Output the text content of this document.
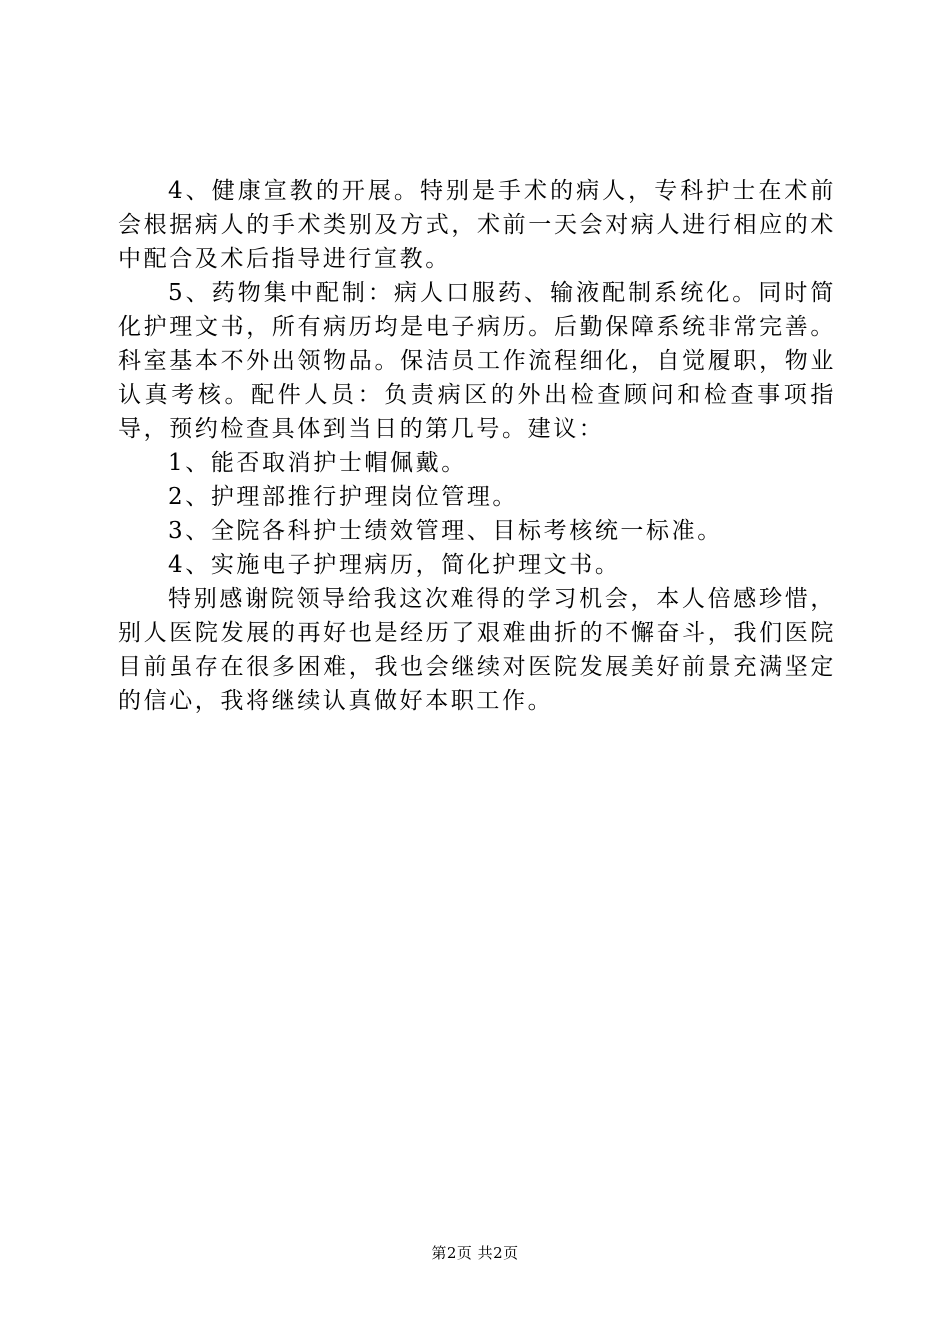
4、健康宣教的开展。特别是手术的病人，专科护士在术前会根据病人的手术类别及方式，术前一天会对病人进行相应的术中配合及术后指导进行宣教。

5、药物集中配制：病人口服药、输液配制系统化。同时简化护理文书，所有病历均是电子病历。后勤保障系统非常完善。科室基本不外出领物品。保洁员工作流程细化，自觉履职，物业认真考核。配件人员：负责病区的外出检查顾问和检查事项指导，预约检查具体到当日的第几号。建议：

1、能否取消护士帽佩戴。

2、护理部推行护理岗位管理。

3、全院各科护士绩效管理、目标考核统一标准。

4、实施电子护理病历，简化护理文书。

特别感谢院领导给我这次难得的学习机会，本人倍感珍惜，别人医院发展的再好也是经历了艰难曲折的不懈奋斗，我们医院目前虽存在很多困难，我也会继续对医院发展美好前景充满坚定的信心，我将继续认真做好本职工作。

第2页 共2页
